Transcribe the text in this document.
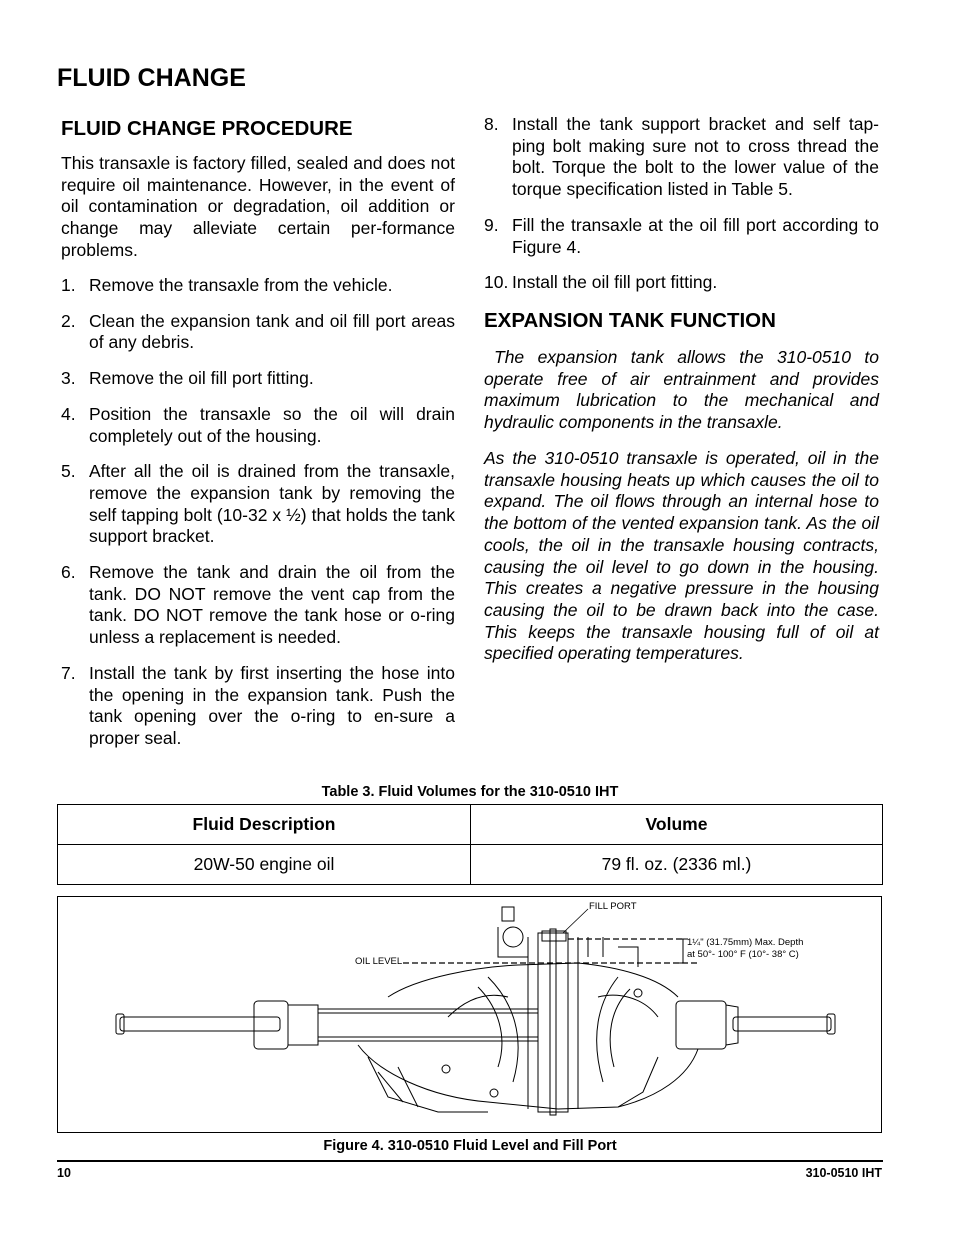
FLUID CHANGE
FLUID CHANGE PROCEDURE
This transaxle is factory filled, sealed and does not require oil maintenance. However, in the event of oil contamination or degradation, oil addition or change may alleviate certain per-formance problems.
1. Remove the transaxle from the vehicle.
2. Clean the expansion tank and oil fill port areas of any debris.
3. Remove the oil fill port fitting.
4. Position the transaxle so the oil will drain completely out of the housing.
5. After all the oil is drained from the transaxle, remove the expansion tank by removing the self tapping bolt (10-32 x ½) that holds the tank support bracket.
6. Remove the tank and drain the oil from the tank. DO NOT remove the vent cap from the tank. DO NOT remove the tank hose or o-ring unless a replacement is needed.
7. Install the tank by first inserting the hose into the opening in the expansion tank. Push the tank opening over the o-ring to en-sure a proper seal.
8. Install the tank support bracket and self tap-ping bolt making sure not to cross thread the bolt. Torque the bolt to the lower value of the torque specification listed in Table 5.
9. Fill the transaxle at the oil fill port according to Figure 4.
10. Install the oil fill port fitting.
EXPANSION TANK FUNCTION
The expansion tank allows the 310-0510 to operate free of air entrainment and provides maximum lubrication to the mechanical and hydraulic components in the transaxle.
As the 310-0510 transaxle is operated, oil in the transaxle housing heats up which causes the oil to expand. The oil flows through an internal hose to the bottom of the vented expansion tank. As the oil cools, the oil in the transaxle housing contracts, causing the oil level to go down in the housing. This creates a negative pressure in the housing causing the oil to be drawn back into the case. This keeps the transaxle housing full of oil at specified operating temperatures.
Table 3. Fluid Volumes for the 310-0510 IHT
Fluid Description	Volume
20W-50 engine oil	79 fl. oz. (2336 ml.)
FILL PORT
OIL LEVEL
1¼" (31.75mm) Max. Depth
at 50°- 100° F (10°- 38° C)
Figure 4. 310-0510 Fluid Level and Fill Port
10	310-0510 IHT
